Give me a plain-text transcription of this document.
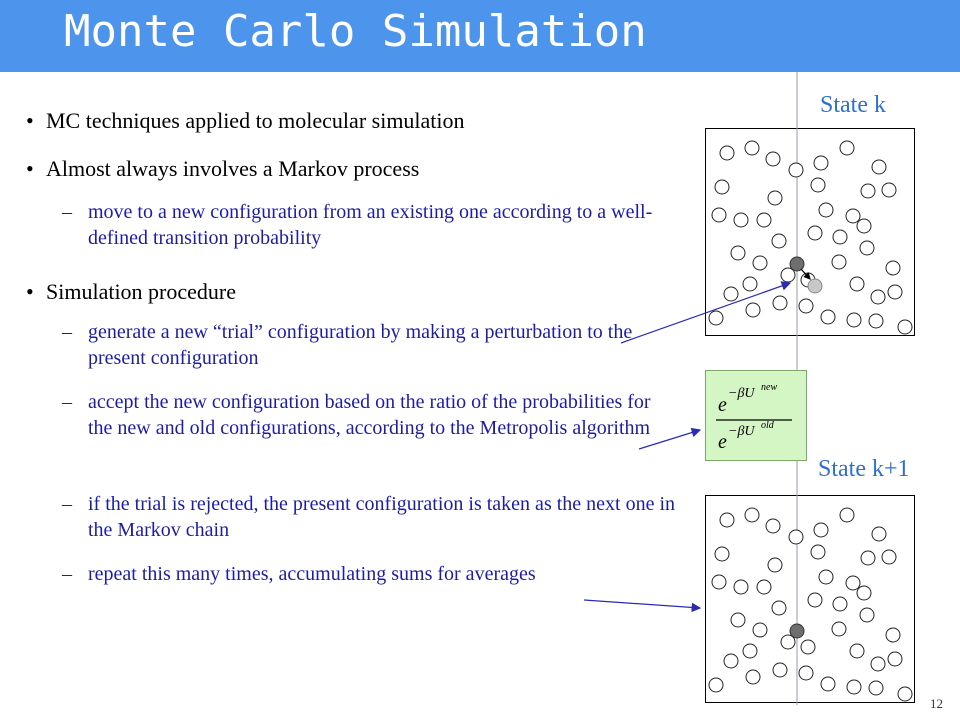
Monte Carlo Simulation
• MC techniques applied to molecular simulation
• Almost always involves a Markov process
– move to a new configuration from an existing one according to a well-defined transition probability
• Simulation procedure
– generate a new “trial” configuration by making a perturbation to the present configuration
– accept the new configuration based on the ratio of the probabilities for the new and old configurations, according to the Metropolis algorithm
– if the trial is rejected, the present configuration is taken as the next one in the Markov chain
– repeat this many times, accumulating sums for averages
State k
State k+1
e
−βU new
e −βU old
12
